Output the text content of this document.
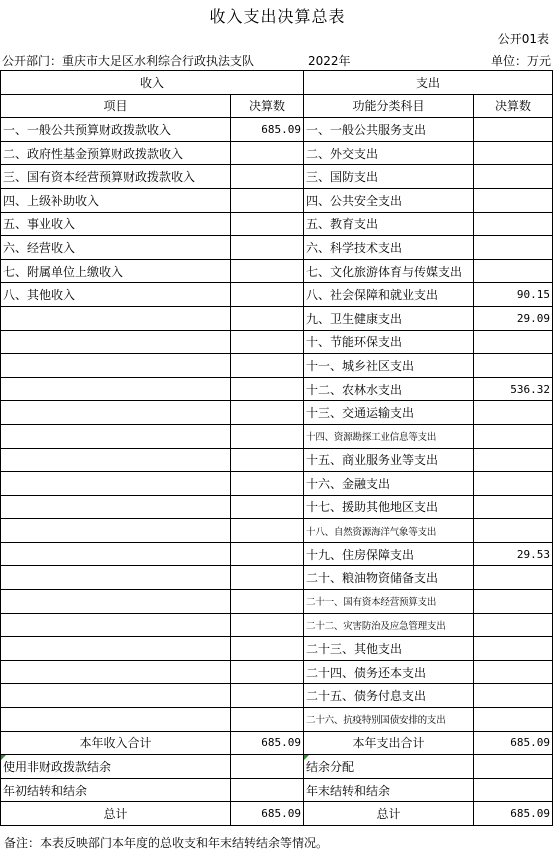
收入支出决算总表
公开01表
公开部门：重庆市大足区水利综合行政执法支队	2022年	单位：万元
收入		支出	
项目	决算数	功能分类科目	决算数
一、一般公共预算财政拨款收入	685.09	一、一般公共服务支出	
二、政府性基金预算财政拨款收入		二、外交支出	
三、国有资本经营预算财政拨款收入		三、国防支出	
四、上级补助收入		四、公共安全支出	
五、事业收入		五、教育支出	
六、经营收入		六、科学技术支出	
七、附属单位上缴收入		七、文化旅游体育与传媒支出	
八、其他收入		八、社会保障和就业支出	90.15
		九、卫生健康支出	29.09
		十、节能环保支出	
		十一、城乡社区支出	
		十二、农林水支出	536.32
		十三、交通运输支出	
		十四、资源勘探工业信息等支出	
		十五、商业服务业等支出	
		十六、金融支出	
		十七、援助其他地区支出	
		十八、自然资源海洋气象等支出	
		十九、住房保障支出	29.53
		二十、粮油物资储备支出	
		二十一、国有资本经营预算支出	
		二十二、灾害防治及应急管理支出	
		二十三、其他支出	
		二十四、债务还本支出	
		二十五、债务付息支出	
		二十六、抗疫特别国债安排的支出	
本年收入合计	685.09	本年支出合计	685.09
使用非财政拨款结余		结余分配	
年初结转和结余		年末结转和结余	
总计	685.09	总计	685.09
备注：本表反映部门本年度的总收支和年末结转结余等情况。
